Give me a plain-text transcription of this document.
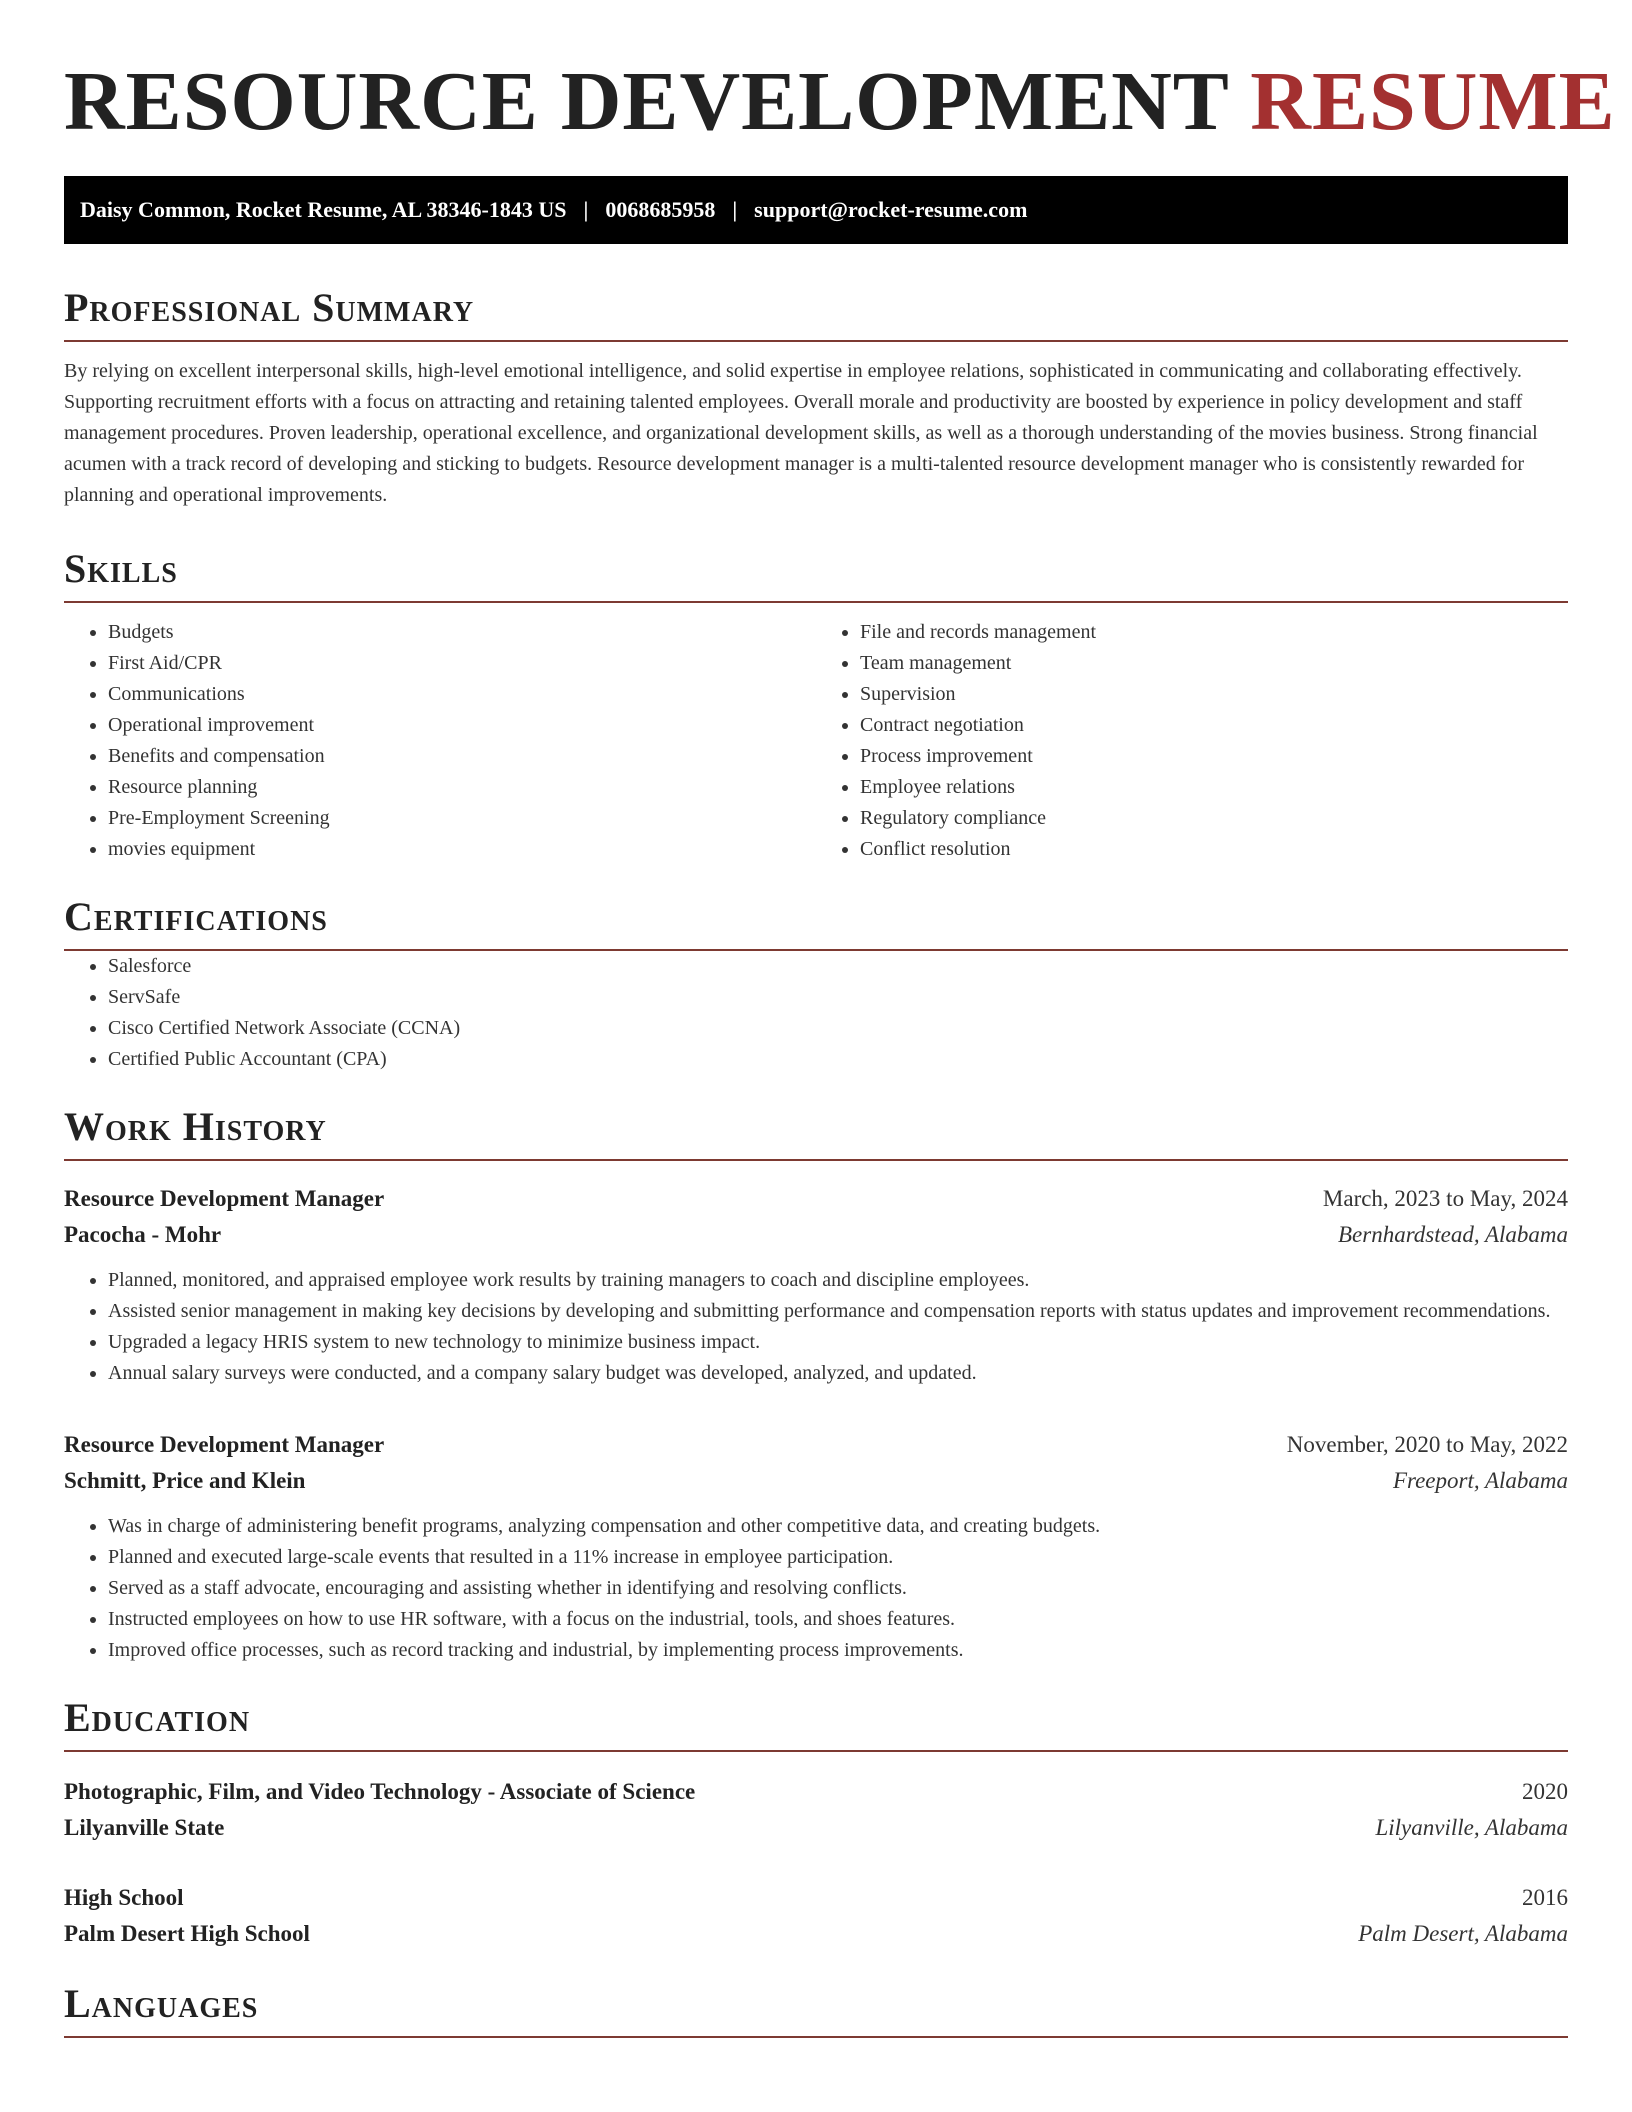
RESOURCE DEVELOPMENT RESUME
Daisy Common, Rocket Resume, AL 38346-1843 US | 0068685958 | support@rocket-resume.com
Professional Summary

By relying on excellent interpersonal skills, high-level emotional intelligence, and solid expertise in employee relations, sophisticated in communicating and collaborating effectively. Supporting recruitment efforts with a focus on attracting and retaining talented employees. Overall morale and productivity are boosted by experience in policy development and staff management procedures. Proven leadership, operational excellence, and organizational development skills, as well as a thorough understanding of the movies business. Strong financial acumen with a track record of developing and sticking to budgets. Resource development manager is a multi-talented resource development manager who is consistently rewarded for planning and operational improvements.

Skills
• Budgets
• First Aid/CPR
• Communications
• Operational improvement
• Benefits and compensation
• Resource planning
• Pre-Employment Screening
• movies equipment
• File and records management
• Team management
• Supervision
• Contract negotiation
• Process improvement
• Employee relations
• Regulatory compliance
• Conflict resolution
Certifications
• Salesforce
• ServSafe
• Cisco Certified Network Associate (CCNA)
• Certified Public Accountant (CPA)
Work History
Resource Development Manager	March, 2023 to May, 2024
Pacocha - Mohr	Bernhardstead, Alabama
• Planned, monitored, and appraised employee work results by training managers to coach and discipline employees.
• Assisted senior management in making key decisions by developing and submitting performance and compensation reports with status updates and improvement recommendations.
• Upgraded a legacy HRIS system to new technology to minimize business impact.
• Annual salary surveys were conducted, and a company salary budget was developed, analyzed, and updated.
Resource Development Manager	November, 2020 to May, 2022
Schmitt, Price and Klein	Freeport, Alabama
• Was in charge of administering benefit programs, analyzing compensation and other competitive data, and creating budgets.
• Planned and executed large-scale events that resulted in a 11% increase in employee participation.
• Served as a staff advocate, encouraging and assisting whether in identifying and resolving conflicts.
• Instructed employees on how to use HR software, with a focus on the industrial, tools, and shoes features.
• Improved office processes, such as record tracking and industrial, by implementing process improvements.
Education
Photographic, Film, and Video Technology - Associate of Science	2020
Lilyanville State	Lilyanville, Alabama
High School	2016
Palm Desert High School	Palm Desert, Alabama
Languages
